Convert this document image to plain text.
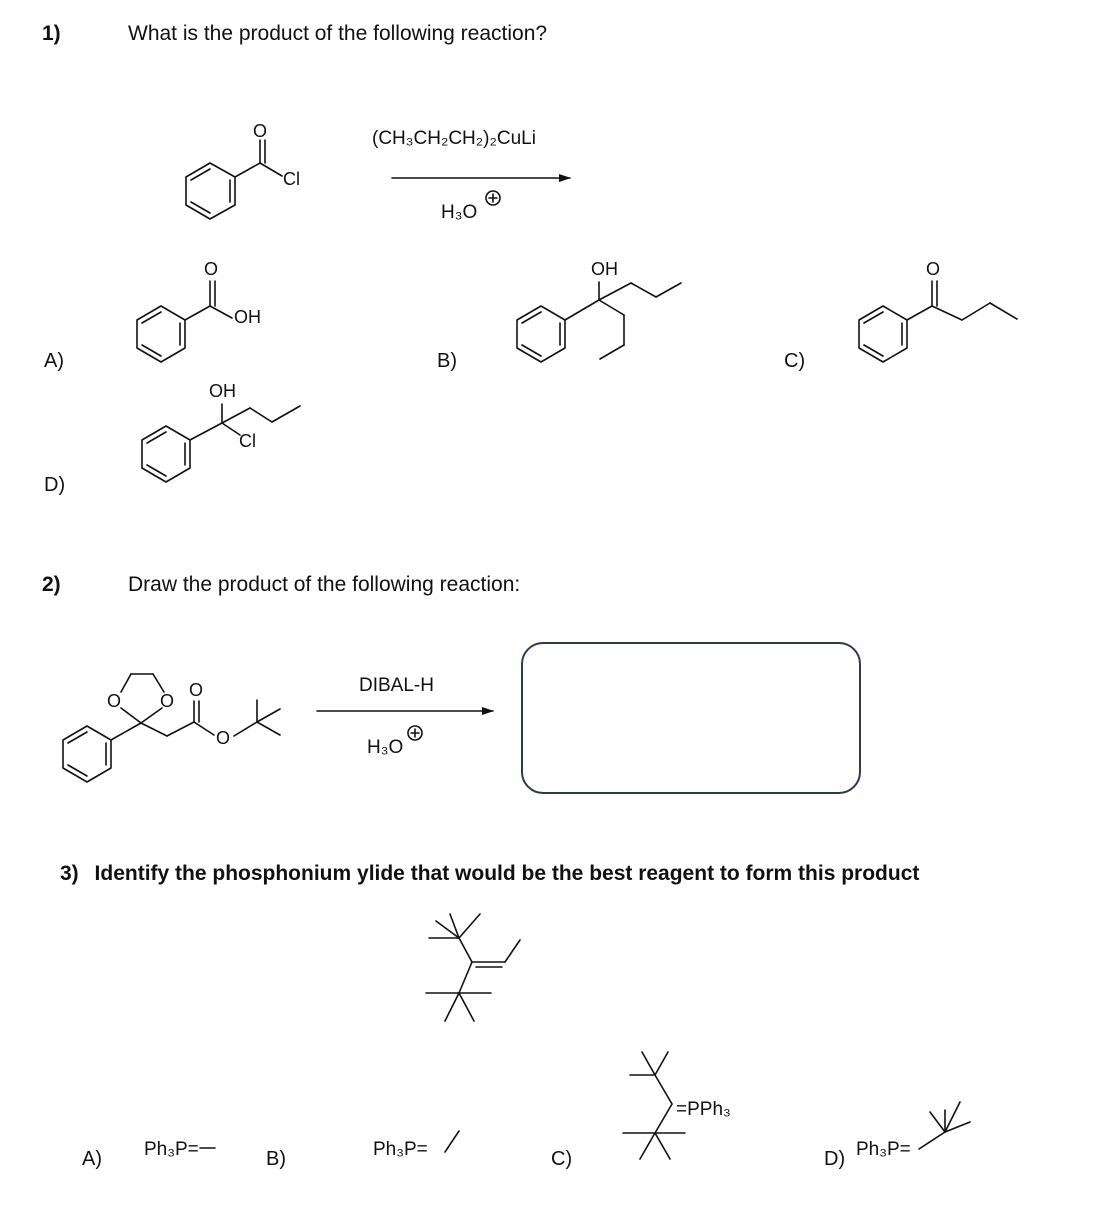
1)	What is the product of the following reaction?
(CH₃CH₂CH₂)₂CuLi
H₃O
A)	B)	C)
D)
O
Cl
O
OH
OH	O
OH
Cl
2)	Draw the product of the following reaction:
DIBAL-H
H₃O
O O
O
O
3) Identify the phosphonium ylide that would be the best reagent to form this product
A)	B)	C)	D)
Ph₃P=	Ph₃P=
=PPh₃
Ph₃P=
